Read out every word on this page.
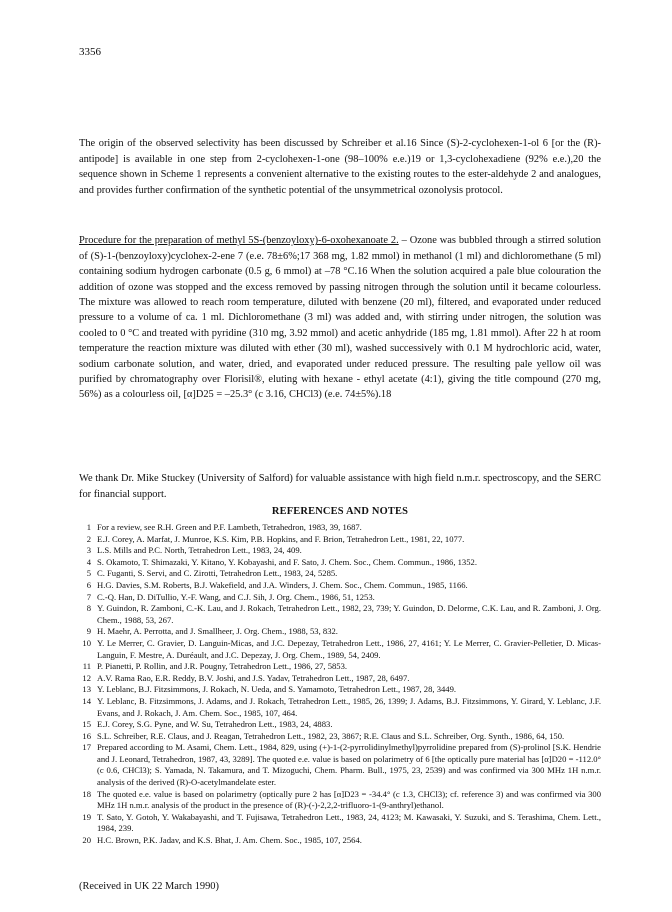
3356

The origin of the observed selectivity has been discussed by Schreiber et al.16 Since (S)-2-cyclohexen-1-ol 6 [or the (R)-antipode] is available in one step from 2-cyclohexen-1-one (98–100% e.e.)19 or 1,3-cyclohexadiene (92% e.e.),20 the sequence shown in Scheme 1 represents a convenient alternative to the existing routes to the ester-aldehyde 2 and analogues, and provides further confirmation of the synthetic potential of the unsymmetrical ozonolysis protocol.

Procedure for the preparation of methyl 5S-(benzoyloxy)-6-oxohexanoate 2. – Ozone was bubbled through a stirred solution of (S)-1-(benzoyloxy)cyclohex-2-ene 7 (e.e. 78±6%;17 368 mg, 1.82 mmol) in methanol (1 ml) and dichloromethane (5 ml) containing sodium hydrogen carbonate (0.5 g, 6 mmol) at –78 °C.16 When the solution acquired a pale blue colouration the addition of ozone was stopped and the excess removed by passing nitrogen through the solution until it became colourless. The mixture was allowed to reach room temperature, diluted with benzene (20 ml), filtered, and evaporated under reduced pressure to a volume of ca. 1 ml. Dichloromethane (3 ml) was added and, with stirring under nitrogen, the solution was cooled to 0 °C and treated with pyridine (310 mg, 3.92 mmol) and acetic anhydride (185 mg, 1.81 mmol). After 22 h at room temperature the reaction mixture was diluted with ether (30 ml), washed successively with 0.1 M hydrochloric acid, water, sodium carbonate solution, and water, dried, and evaporated under reduced pressure. The resulting pale yellow oil was purified by chromatography over Florisil®, eluting with hexane - ethyl acetate (4:1), giving the title compound (270 mg, 56%) as a colourless oil, [α]D25 = –25.3° (c 3.16, CHCl3) (e.e. 74±5%).18

We thank Dr. Mike Stuckey (University of Salford) for valuable assistance with high field n.m.r. spectroscopy, and the SERC for financial support.

REFERENCES AND NOTES
1 For a review, see R.H. Green and P.F. Lambeth, Tetrahedron, 1983, 39, 1687.
2 E.J. Corey, A. Marfat, J. Munroe, K.S. Kim, P.B. Hopkins, and F. Brion, Tetrahedron Lett., 1981, 22, 1077.
3 L.S. Mills and P.C. North, Tetrahedron Lett., 1983, 24, 409.
4 S. Okamoto, T. Shimazaki, Y. Kitano, Y. Kobayashi, and F. Sato, J. Chem. Soc., Chem. Commun., 1986, 1352.
5 C. Fuganti, S. Servi, and C. Zirotti, Tetrahedron Lett., 1983, 24, 5285.
6 H.G. Davies, S.M. Roberts, B.J. Wakefield, and J.A. Winders, J. Chem. Soc., Chem. Commun., 1985, 1166.
7 C.-Q. Han, D. DiTullio, Y.-F. Wang, and C.J. Sih, J. Org. Chem., 1986, 51, 1253.
8 Y. Guindon, R. Zamboni, C.-K. Lau, and J. Rokach, Tetrahedron Lett., 1982, 23, 739; Y. Guindon, D. Delorme, C.K. Lau, and R. Zamboni, J. Org. Chem., 1988, 53, 267.
9 H. Maehr, A. Perrotta, and J. Smallheer, J. Org. Chem., 1988, 53, 832.
10 Y. Le Merrer, C. Gravier, D. Languin-Micas, and J.C. Depezay, Tetrahedron Lett., 1986, 27, 4161; Y. Le Merrer, C. Gravier-Pelletier, D. Micas-Languin, F. Mestre, A. Duréault, and J.C. Depezay, J. Org. Chem., 1989, 54, 2409.
11 P. Pianetti, P. Rollin, and J.R. Pougny, Tetrahedron Lett., 1986, 27, 5853.
12 A.V. Rama Rao, E.R. Reddy, B.V. Joshi, and J.S. Yadav, Tetrahedron Lett., 1987, 28, 6497.
13 Y. Leblanc, B.J. Fitzsimmons, J. Rokach, N. Ueda, and S. Yamamoto, Tetrahedron Lett., 1987, 28, 3449.
14 Y. Leblanc, B. Fitzsimmons, J. Adams, and J. Rokach, Tetrahedron Lett., 1985, 26, 1399; J. Adams, B.J. Fitzsimmons, Y. Girard, Y. Leblanc, J.F. Evans, and J. Rokach, J. Am. Chem. Soc., 1985, 107, 464.
15 E.J. Corey, S.G. Pyne, and W. Su, Tetrahedron Lett., 1983, 24, 4883.
16 S.L. Schreiber, R.E. Claus, and J. Reagan, Tetrahedron Lett., 1982, 23, 3867; R.E. Claus and S.L. Schreiber, Org. Synth., 1986, 64, 150.
17 Prepared according to M. Asami, Chem. Lett., 1984, 829, using (+)-1-(2-pyrrolidinylmethyl)pyrrolidine prepared from (S)-prolinol [S.K. Hendrie and J. Leonard, Tetrahedron, 1987, 43, 3289]. The quoted e.e. value is based on polarimetry of 6 [the optically pure material has [α]D20 = -112.0° (c 0.6, CHCl3); S. Yamada, N. Takamura, and T. Mizoguchi, Chem. Pharm. Bull., 1975, 23, 2539) and was confirmed via 300 MHz 1H n.m.r. analysis of the derived (R)-O-acetylmandelate ester.
18 The quoted e.e. value is based on polarimetry (optically pure 2 has [α]D23 = -34.4° (c 1.3, CHCl3); cf. reference 3) and was confirmed via 300 MHz 1H n.m.r. analysis of the product in the presence of (R)-(-)-2,2,2-trifluoro-1-(9-anthryl)ethanol.
19 T. Sato, Y. Gotoh, Y. Wakabayashi, and T. Fujisawa, Tetrahedron Lett., 1983, 24, 4123; M. Kawasaki, Y. Suzuki, and S. Terashima, Chem. Lett., 1984, 239.
20 H.C. Brown, P.K. Jadav, and K.S. Bhat, J. Am. Chem. Soc., 1985, 107, 2564.
(Received in UK 22 March 1990)
